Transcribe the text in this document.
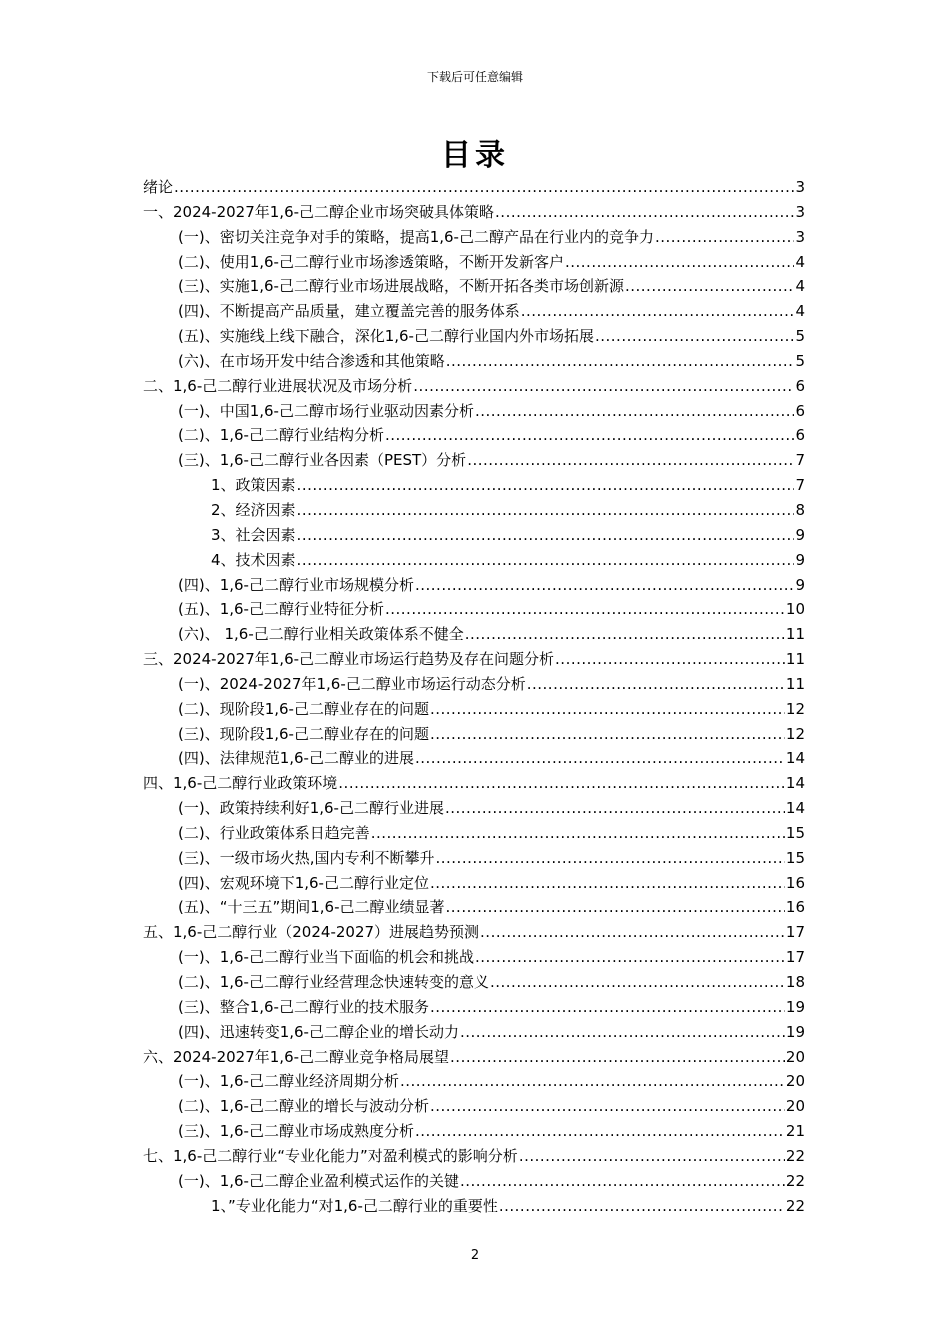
下载后可任意编辑
目录
绪论 .....	3
一、2024-2027年1,6-己二醇企业市场突破具体策略 .....	3
(一)、密切关注竞争对手的策略，提高1,6-己二醇产品在行业内的竞争力 .....	3
(二)、使用1,6-己二醇行业市场渗透策略，不断开发新客户 .....	4
(三)、实施1,6-己二醇行业市场进展战略，不断开拓各类市场创新源 .....	4
(四)、不断提高产品质量，建立覆盖完善的服务体系 .....	4
(五)、实施线上线下融合，深化1,6-己二醇行业国内外市场拓展 .....	5
(六)、在市场开发中结合渗透和其他策略 .....	5
二、1,6-己二醇行业进展状况及市场分析 .....	6
(一)、中国1,6-己二醇市场行业驱动因素分析 .....	6
(二)、1,6-己二醇行业结构分析 .....	6
(三)、1,6-己二醇行业各因素（PEST）分析 .....	7
1、政策因素 .....	7
2、经济因素 .....	8
3、社会因素 .....	9
4、技术因素 .....	9
(四)、1,6-己二醇行业市场规模分析 .....	9
(五)、1,6-己二醇行业特征分析 .....	10
(六)、 1,6-己二醇行业相关政策体系不健全 .....	11
三、2024-2027年1,6-己二醇业市场运行趋势及存在问题分析 .....	11
(一)、2024-2027年1,6-己二醇业市场运行动态分析 .....	11
(二)、现阶段1,6-己二醇业存在的问题 .....	12
(三)、现阶段1,6-己二醇业存在的问题 .....	12
(四)、法律规范1,6-己二醇业的进展 .....	14
四、1,6-己二醇行业政策环境 .....	14
(一)、政策持续利好1,6-己二醇行业进展 .....	14
(二)、行业政策体系日趋完善 .....	15
(三)、一级市场火热,国内专利不断攀升 .....	15
(四)、宏观环境下1,6-己二醇行业定位 .....	16
(五)、“十三五”期间1,6-己二醇业绩显著 .....	16
五、1,6-己二醇行业（2024-2027）进展趋势预测 .....	17
(一)、1,6-己二醇行业当下面临的机会和挑战 .....	17
(二)、1,6-己二醇行业经营理念快速转变的意义 .....	18
(三)、整合1,6-己二醇行业的技术服务 .....	19
(四)、迅速转变1,6-己二醇企业的增长动力 .....	19
六、2024-2027年1,6-己二醇业竞争格局展望 .....	20
(一)、1,6-己二醇业经济周期分析 .....	20
(二)、1,6-己二醇业的增长与波动分析 .....	20
(三)、1,6-己二醇业市场成熟度分析 .....	21
七、1,6-己二醇行业“专业化能力”对盈利模式的影响分析 .....	22
(一)、1,6-己二醇企业盈利模式运作的关键 .....	22
1、”专业化能力“对1,6-己二醇行业的重要性 .....	22
2
